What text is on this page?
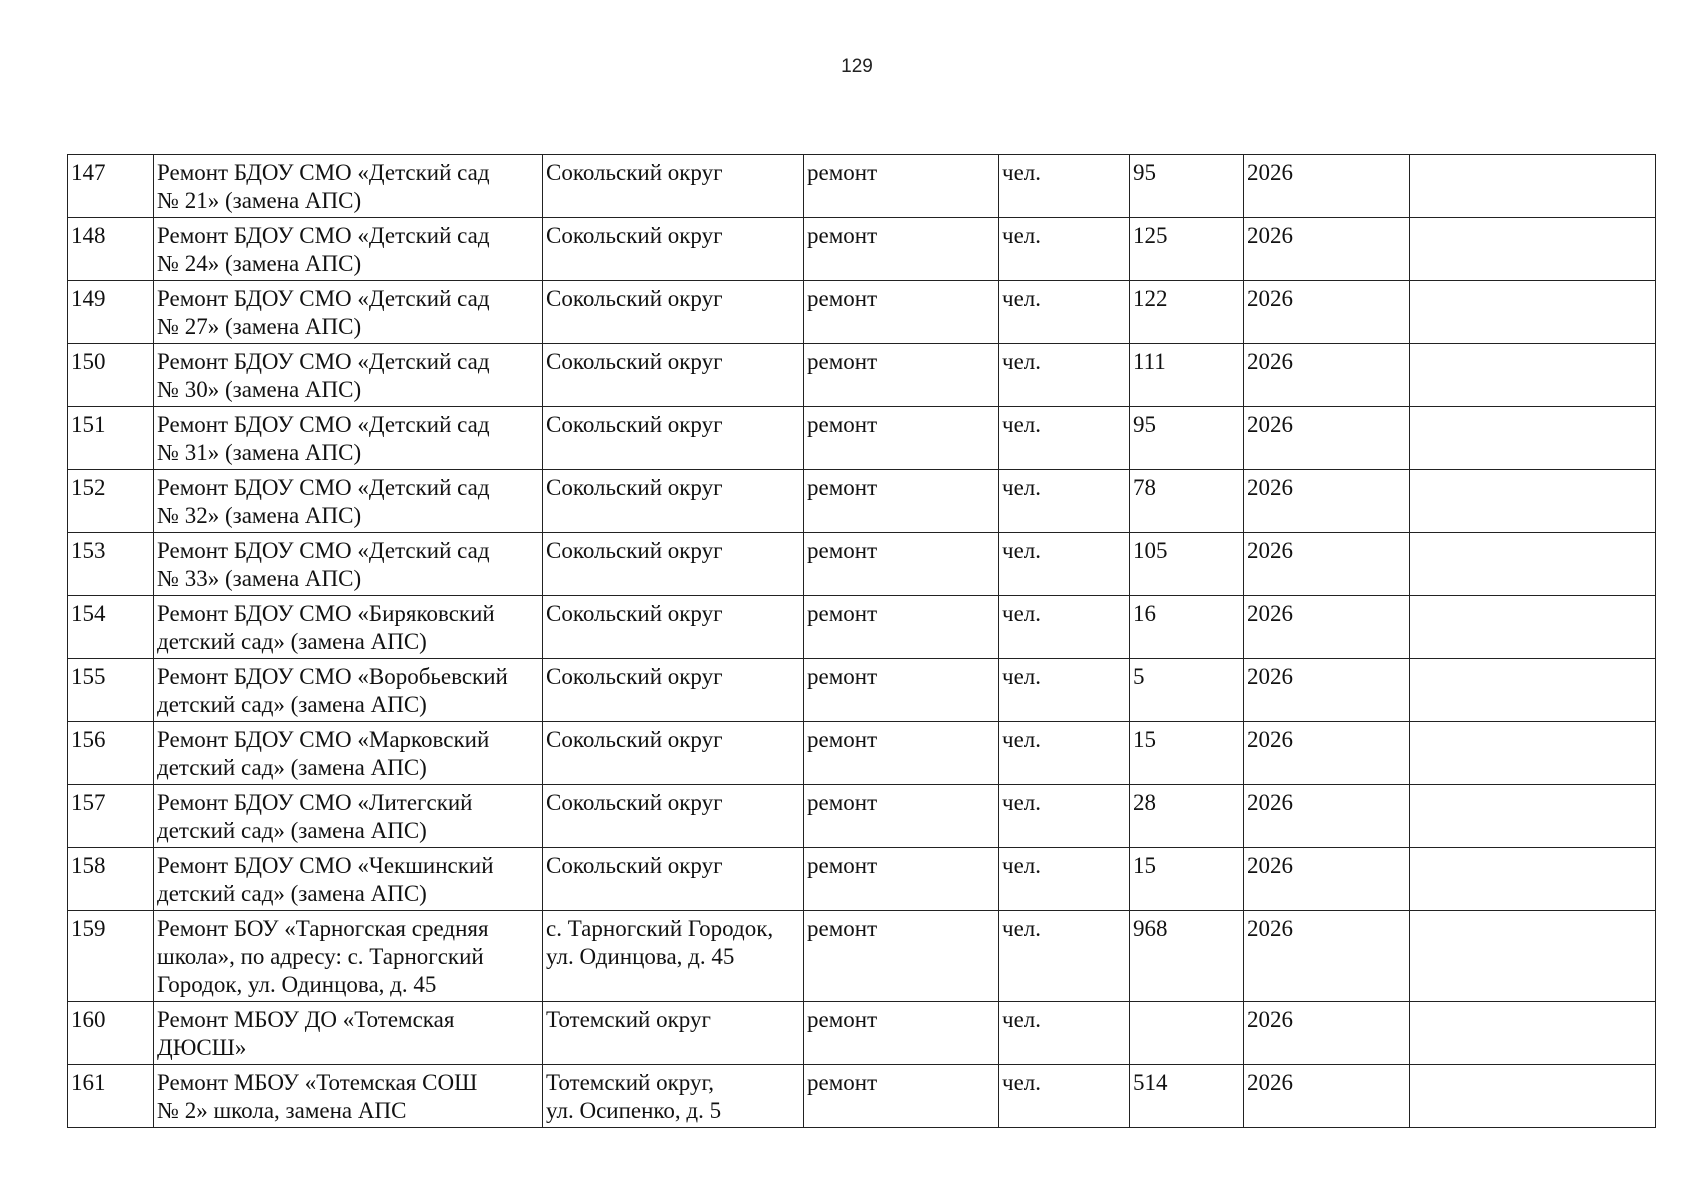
129
147	Ремонт БДОУ СМО «Детский сад
№ 21» (замена АПС)	Сокольский округ	ремонт	чел.	95	2026	
148	Ремонт БДОУ СМО «Детский сад
№ 24» (замена АПС)	Сокольский округ	ремонт	чел.	125	2026	
149	Ремонт БДОУ СМО «Детский сад
№ 27» (замена АПС)	Сокольский округ	ремонт	чел.	122	2026	
150	Ремонт БДОУ СМО «Детский сад
№ 30» (замена АПС)	Сокольский округ	ремонт	чел.	111	2026	
151	Ремонт БДОУ СМО «Детский сад
№ 31» (замена АПС)	Сокольский округ	ремонт	чел.	95	2026	
152	Ремонт БДОУ СМО «Детский сад
№ 32» (замена АПС)	Сокольский округ	ремонт	чел.	78	2026	
153	Ремонт БДОУ СМО «Детский сад
№ 33» (замена АПС)	Сокольский округ	ремонт	чел.	105	2026	
154	Ремонт БДОУ СМО «Биряковский
детский сад» (замена АПС)	Сокольский округ	ремонт	чел.	16	2026	
155	Ремонт БДОУ СМО «Воробьевский
детский сад» (замена АПС)	Сокольский округ	ремонт	чел.	5	2026	
156	Ремонт БДОУ СМО «Марковский
детский сад» (замена АПС)	Сокольский округ	ремонт	чел.	15	2026	
157	Ремонт БДОУ СМО «Литегский
детский сад» (замена АПС)	Сокольский округ	ремонт	чел.	28	2026	
158	Ремонт БДОУ СМО «Чекшинский
детский сад» (замена АПС)	Сокольский округ	ремонт	чел.	15	2026	
159	Ремонт БОУ «Тарногская средняя
школа», по адресу: с. Тарногский
Городок, ул. Одинцова, д. 45	с. Тарногский Городок,
ул. Одинцова, д. 45	ремонт	чел.	968	2026	
160	Ремонт МБОУ ДО «Тотемская
ДЮСШ»	Тотемский округ	ремонт	чел.		2026	
161	Ремонт МБОУ «Тотемская СОШ
№ 2» школа, замена АПС	Тотемский округ,
ул. Осипенко, д. 5	ремонт	чел.	514	2026	
